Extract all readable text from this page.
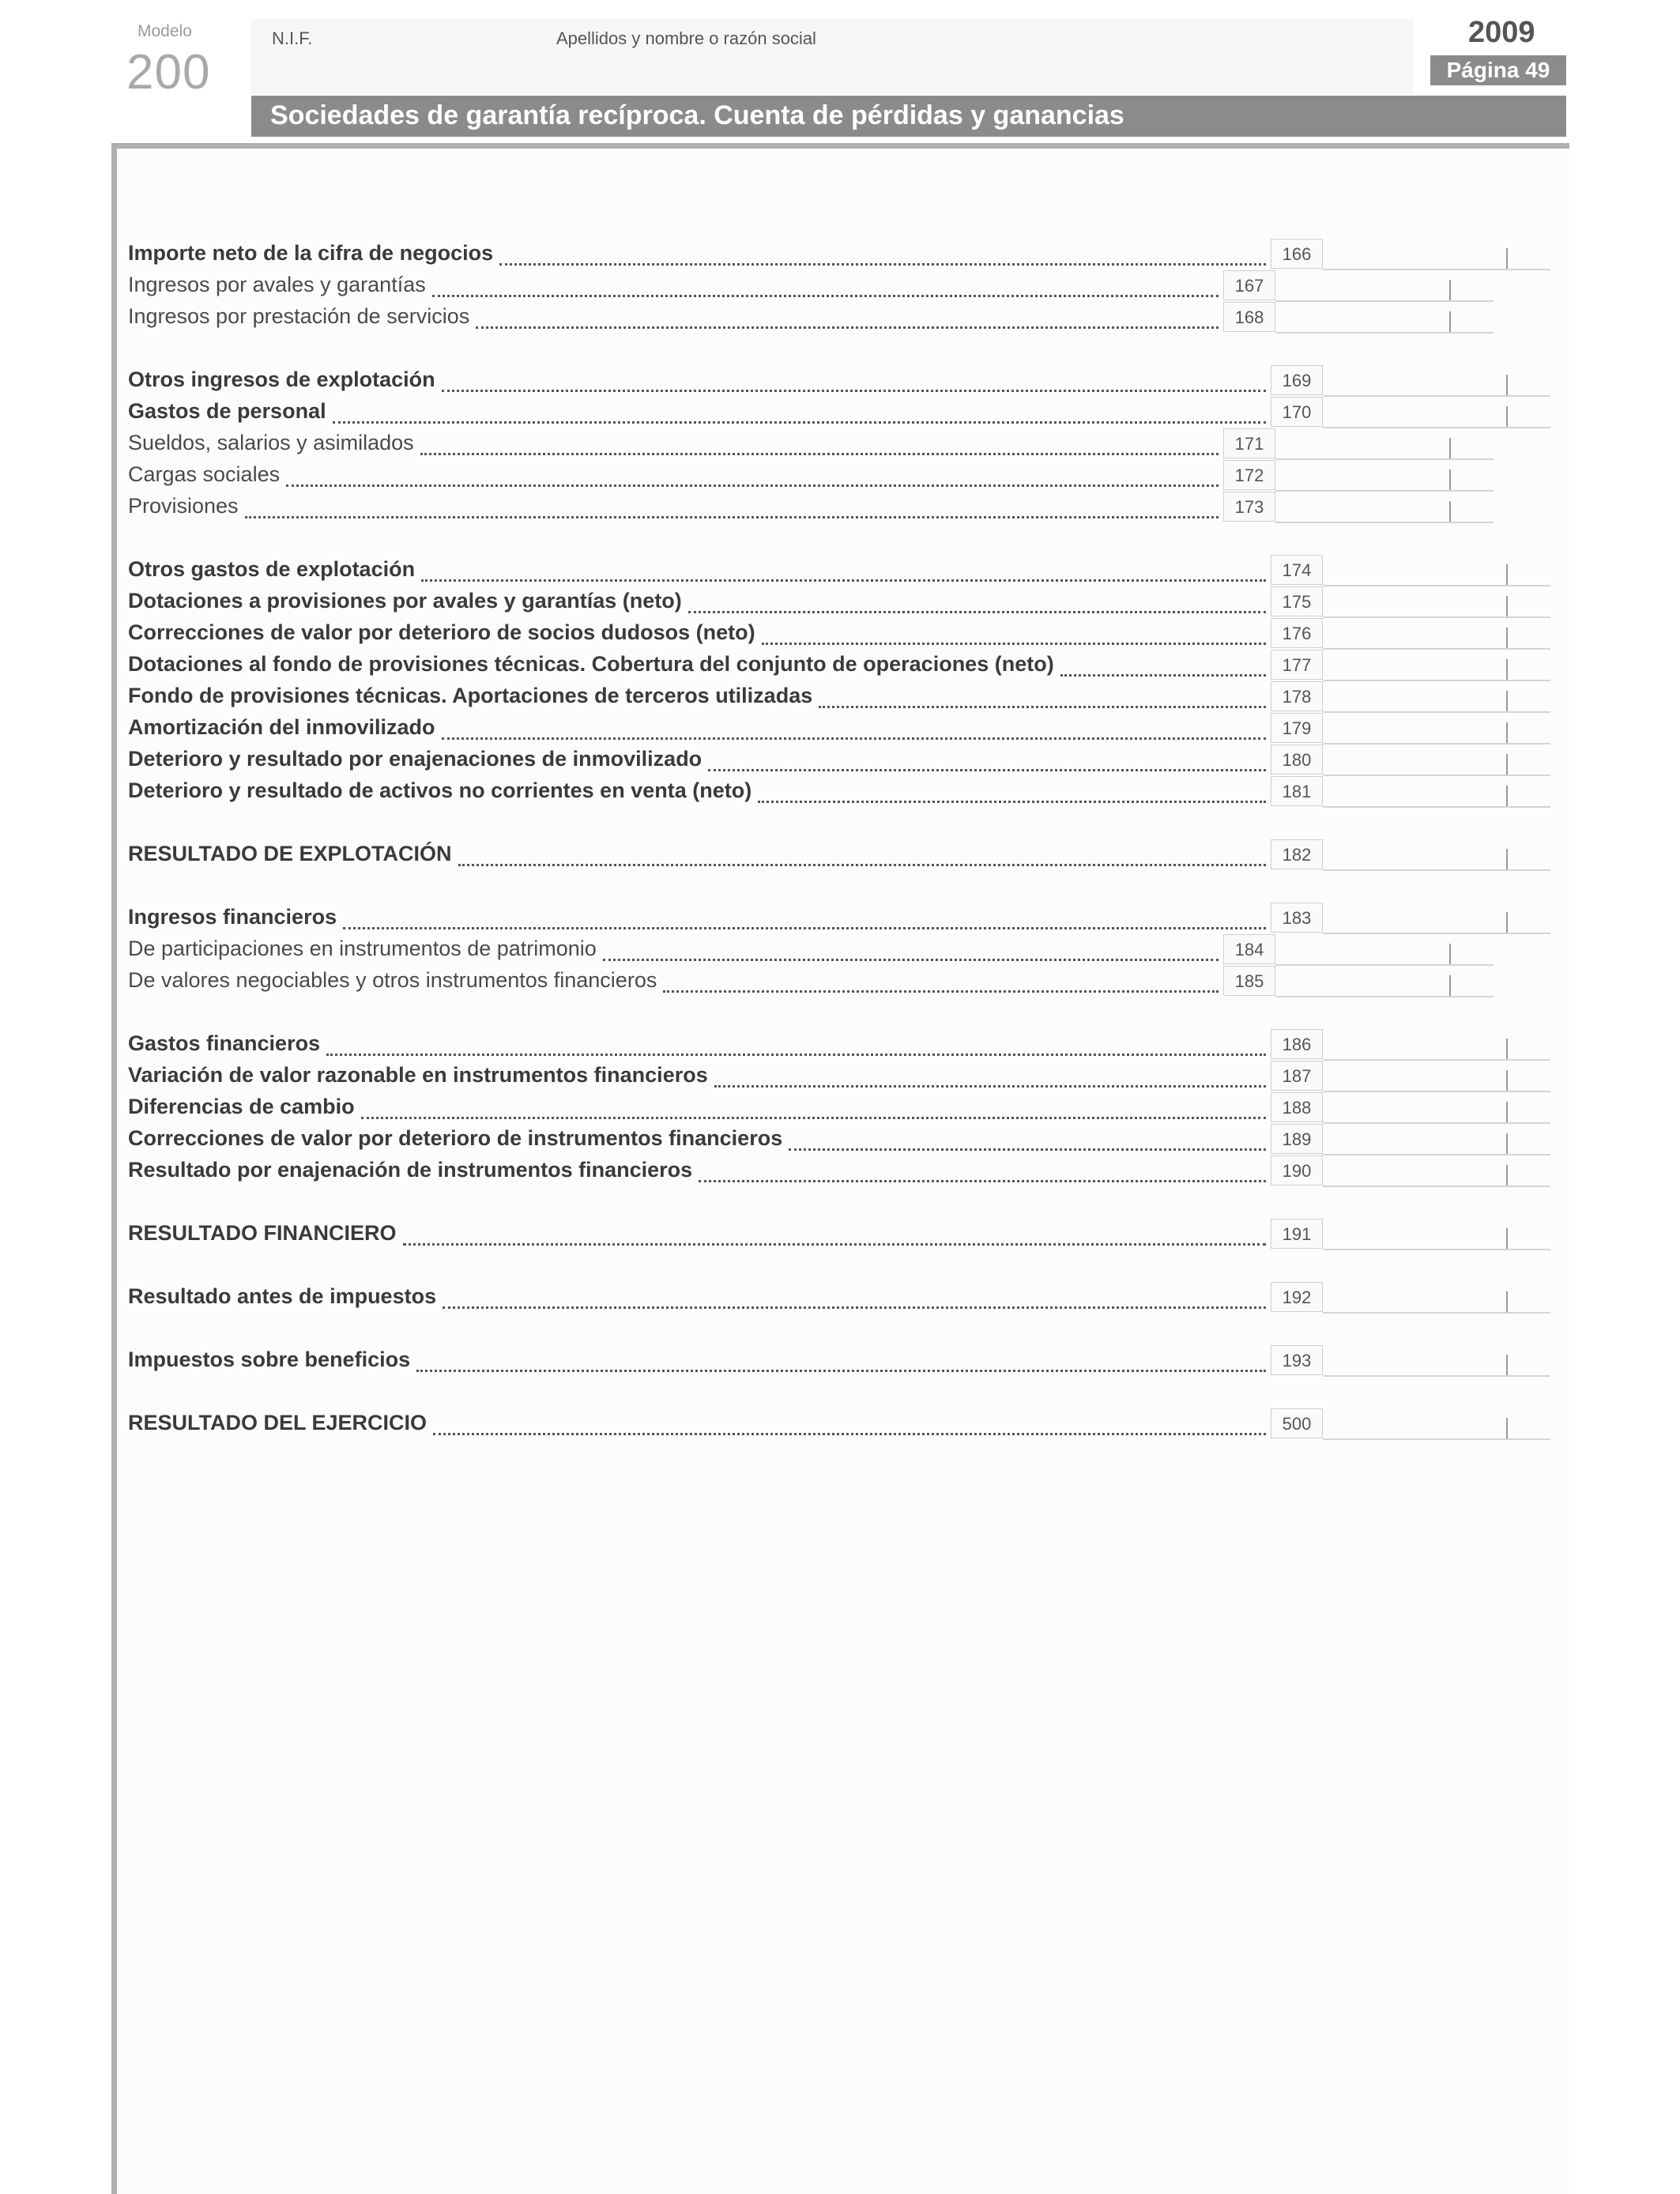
Modelo
200
N.I.F.	Apellidos y nombre o razón social	2009
Página 49
Sociedades de garantía recíproca. Cuenta de pérdidas y ganancias
Importe neto de la cifra de negocios	166
Ingresos por avales y garantías	167
Ingresos por prestación de servicios	168
Otros ingresos de explotación	169
Gastos de personal	170
Sueldos, salarios y asimilados	171
Cargas sociales	172
Provisiones	173
Otros gastos de explotación	174
Dotaciones a provisiones por avales y garantías (neto)	175
Correcciones de valor por deterioro de socios dudosos (neto)	176
Dotaciones al fondo de provisiones técnicas. Cobertura del conjunto de operaciones (neto)	177
Fondo de provisiones técnicas. Aportaciones de terceros utilizadas	178
Amortización del inmovilizado	179
Deterioro y resultado por enajenaciones de inmovilizado	180
Deterioro y resultado de activos no corrientes en venta (neto)	181
RESULTADO DE EXPLOTACIÓN	182
Ingresos financieros	183
De participaciones en instrumentos de patrimonio	184
De valores negociables y otros instrumentos financieros	185
Gastos financieros	186
Variación de valor razonable en instrumentos financieros	187
Diferencias de cambio	188
Correcciones de valor por deterioro de instrumentos financieros	189
Resultado por enajenación de instrumentos financieros	190
RESULTADO FINANCIERO	191
Resultado antes de impuestos	192
Impuestos sobre beneficios	193
RESULTADO DEL EJERCICIO	500
